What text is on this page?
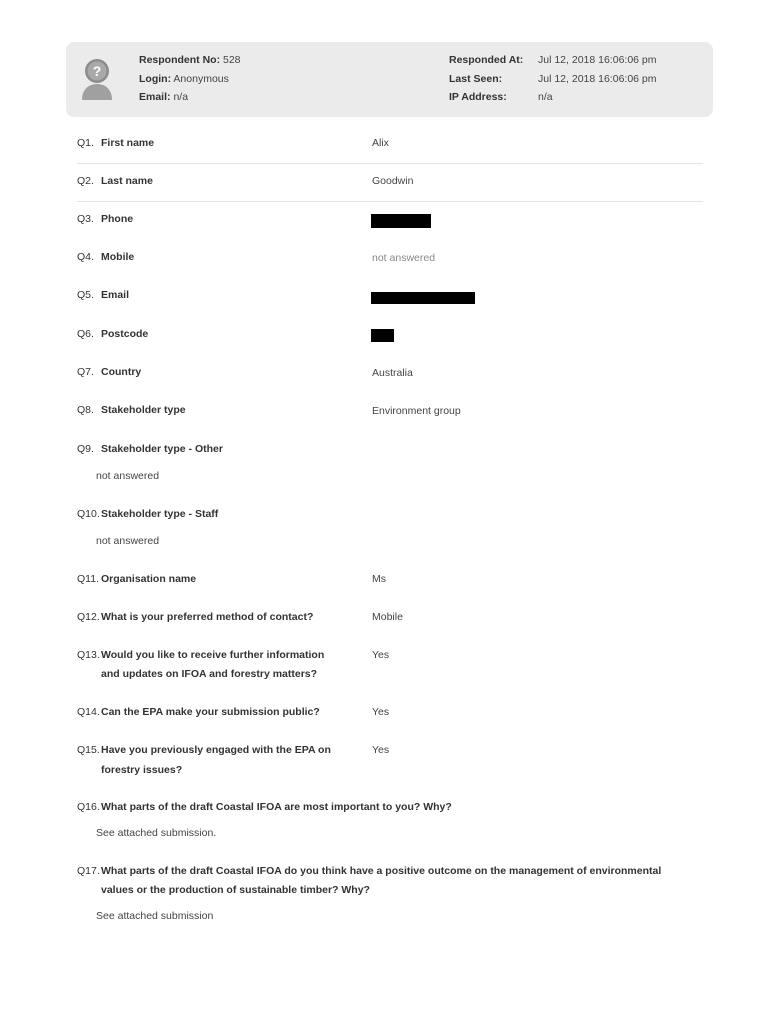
?
Respondent No: 528
Login: Anonymous
Email: n/a
Responded At: Jul 12, 2018 16:06:06 pm
Last Seen:	Jul 12, 2018 16:06:06 pm
IP Address:	n/a
Q1. First name	Alix
Q2. Last name	Goodwin
Q3. Phone
Q4. Mobile	not answered
Q5. Email
Q6. Postcode
Q7. Country	Australia
Q8. Stakeholder type	Environment group
Q9. Stakeholder type - Other
not answered
Q10. Stakeholder type - Staff
not answered
Q11. Organisation name	Ms
Q12. What is your preferred method of contact?	Mobile
Q13. Would you like to receive further information
and updates on IFOA and forestry matters?
Yes
Q14. Can the EPA make your submission public?	Yes
Q15. Have you previously engaged with the EPA on
forestry issues?
Yes
Q16. What parts of the draft Coastal IFOA are most important to you? Why?
See attached submission.
Q17. What parts of the draft Coastal IFOA do you think have a positive outcome on the management of environmental
values or the production of sustainable timber? Why?
See attached submission
